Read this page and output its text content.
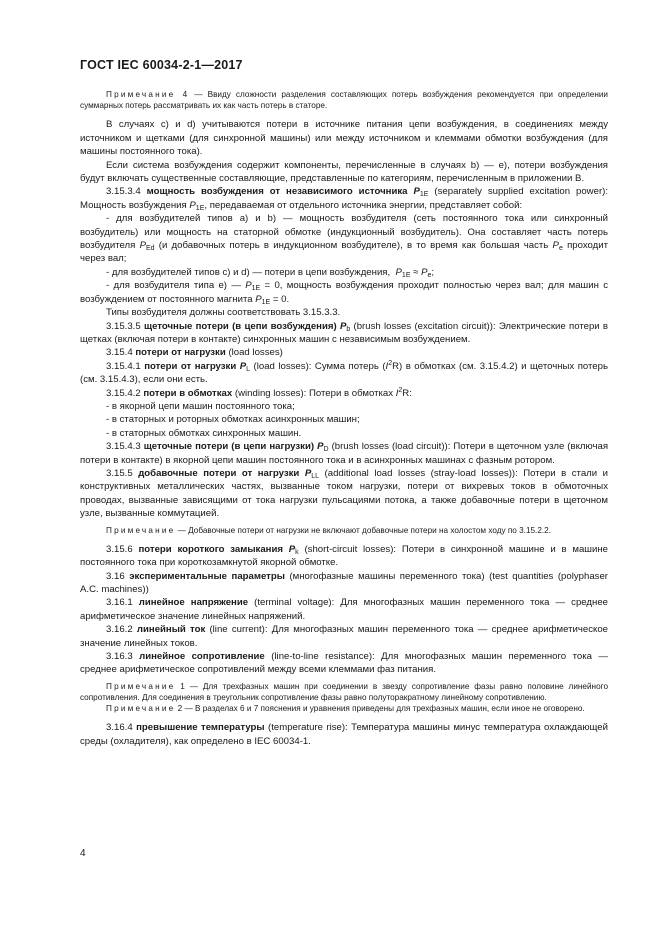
ГОСТ IEC 60034-2-1—2017

Примечание 4 — Ввиду сложности разделения составляющих потерь возбуждения рекомендуется при определении суммарных потерь рассматривать их как часть потерь в статоре.

В случаях c) и d) учитываются потери в источнике питания цепи возбуждения, в соединениях между источником и щетками (для синхронной машины) или между источником и клеммами обмотки возбуждения (для машины постоянного тока).

Если система возбуждения содержит компоненты, перечисленные в случаях b) — e), потери возбуждения будут включать существенные составляющие, представленные по категориям, перечисленным в приложении B.

3.15.3.4 мощность возбуждения от независимого источника $P_{1E}$ (separately supplied excitation power): Мощность возбуждения $P_{1E}$, передаваемая от отдельного источника энергии, представляет собой:

- для возбудителей типов a) и b) — мощность возбудителя (сеть постоянного тока или синхронный возбудитель) или мощность на статорной обмотке (индукционный возбудитель). Она составляет часть потерь возбудителя $P_{Ed}$ (и добавочных потерь в индукционном возбудителе), в то время как большая часть $P_e$ проходит через вал;

- для возбудителей типов c) и d) — потери в цепи возбуждения, $P_{1E} \approx P_e$;

- для возбудителя типа e) — $P_{1E} = 0$, мощность возбуждения проходит полностью через вал; для машин с возбуждением от постоянного магнита $P_{1E} = 0$.

Типы возбудителя должны соответствовать 3.15.3.3.

3.15.3.5 щеточные потери (в цепи возбуждения) $P_b$ (brush losses (excitation circuit)): Электрические потери в щетках (включая потери в контакте) синхронных машин с независимым возбуждением.

3.15.4 потери от нагрузки (load losses)

3.15.4.1 потери от нагрузки $P_L$ (load losses): Сумма потерь $(I^2R)$ в обмотках (см. 3.15.4.2) и щеточных потерь (см. 3.15.4.3), если они есть.

3.15.4.2 потери в обмотках (winding losses): Потери в обмотках $I^2R$:

- в якорной цепи машин постоянного тока;

- в статорных и роторных обмотках асинхронных машин;

- в статорных обмотках синхронных машин.

3.15.4.3 щеточные потери (в цепи нагрузки) $P_D$ (brush losses (load circuit)): Потери в щеточном узле (включая потери в контакте) в якорной цепи машин постоянного тока и в асинхронных машинах с фазным ротором.

3.15.5 добавочные потери от нагрузки $P_{LL}$ (additional load losses (stray-load losses)): Потери в стали и конструктивных металлических частях, вызванные током нагрузки, потери от вихревых токов в обмоточных проводах, вызванные зависящими от тока нагрузки пульсациями потока, а также добавочные потери в щеточном узле, вызванные коммутацией.

Примечание — Добавочные потери от нагрузки не включают добавочные потери на холостом ходу по 3.15.2.2.

3.15.6 потери короткого замыкания $P_k$ (short-circuit losses): Потери в синхронной машине и в машине постоянного тока при короткозамкнутой якорной обмотке.

3.16 экспериментальные параметры (многофазные машины переменного тока) (test quantities (polyphaser A.C. machines))

3.16.1 линейное напряжение (terminal voltage): Для многофазных машин переменного тока — среднее арифметическое значение линейных напряжений.

3.16.2 линейный ток (line current): Для многофазных машин переменного тока — среднее арифметическое значение линейных токов.

3.16.3 линейное сопротивление (line-to-line resistance): Для многофазных машин переменного тока — среднее арифметическое сопротивлений между всеми клеммами фаз питания.

Примечание 1 — Для трехфазных машин при соединении в звезду сопротивление фазы равно половине линейного сопротивления. Для соединения в треугольник сопротивление фазы равно полуторакратному линейному сопротивлению.

Примечание 2 — В разделах 6 и 7 пояснения и уравнения приведены для трехфазных машин, если иное не оговорено.

3.16.4 превышение температуры (temperature rise): Температура машины минус температура охлаждающей среды (охладителя), как определено в IEC 60034-1.

4
